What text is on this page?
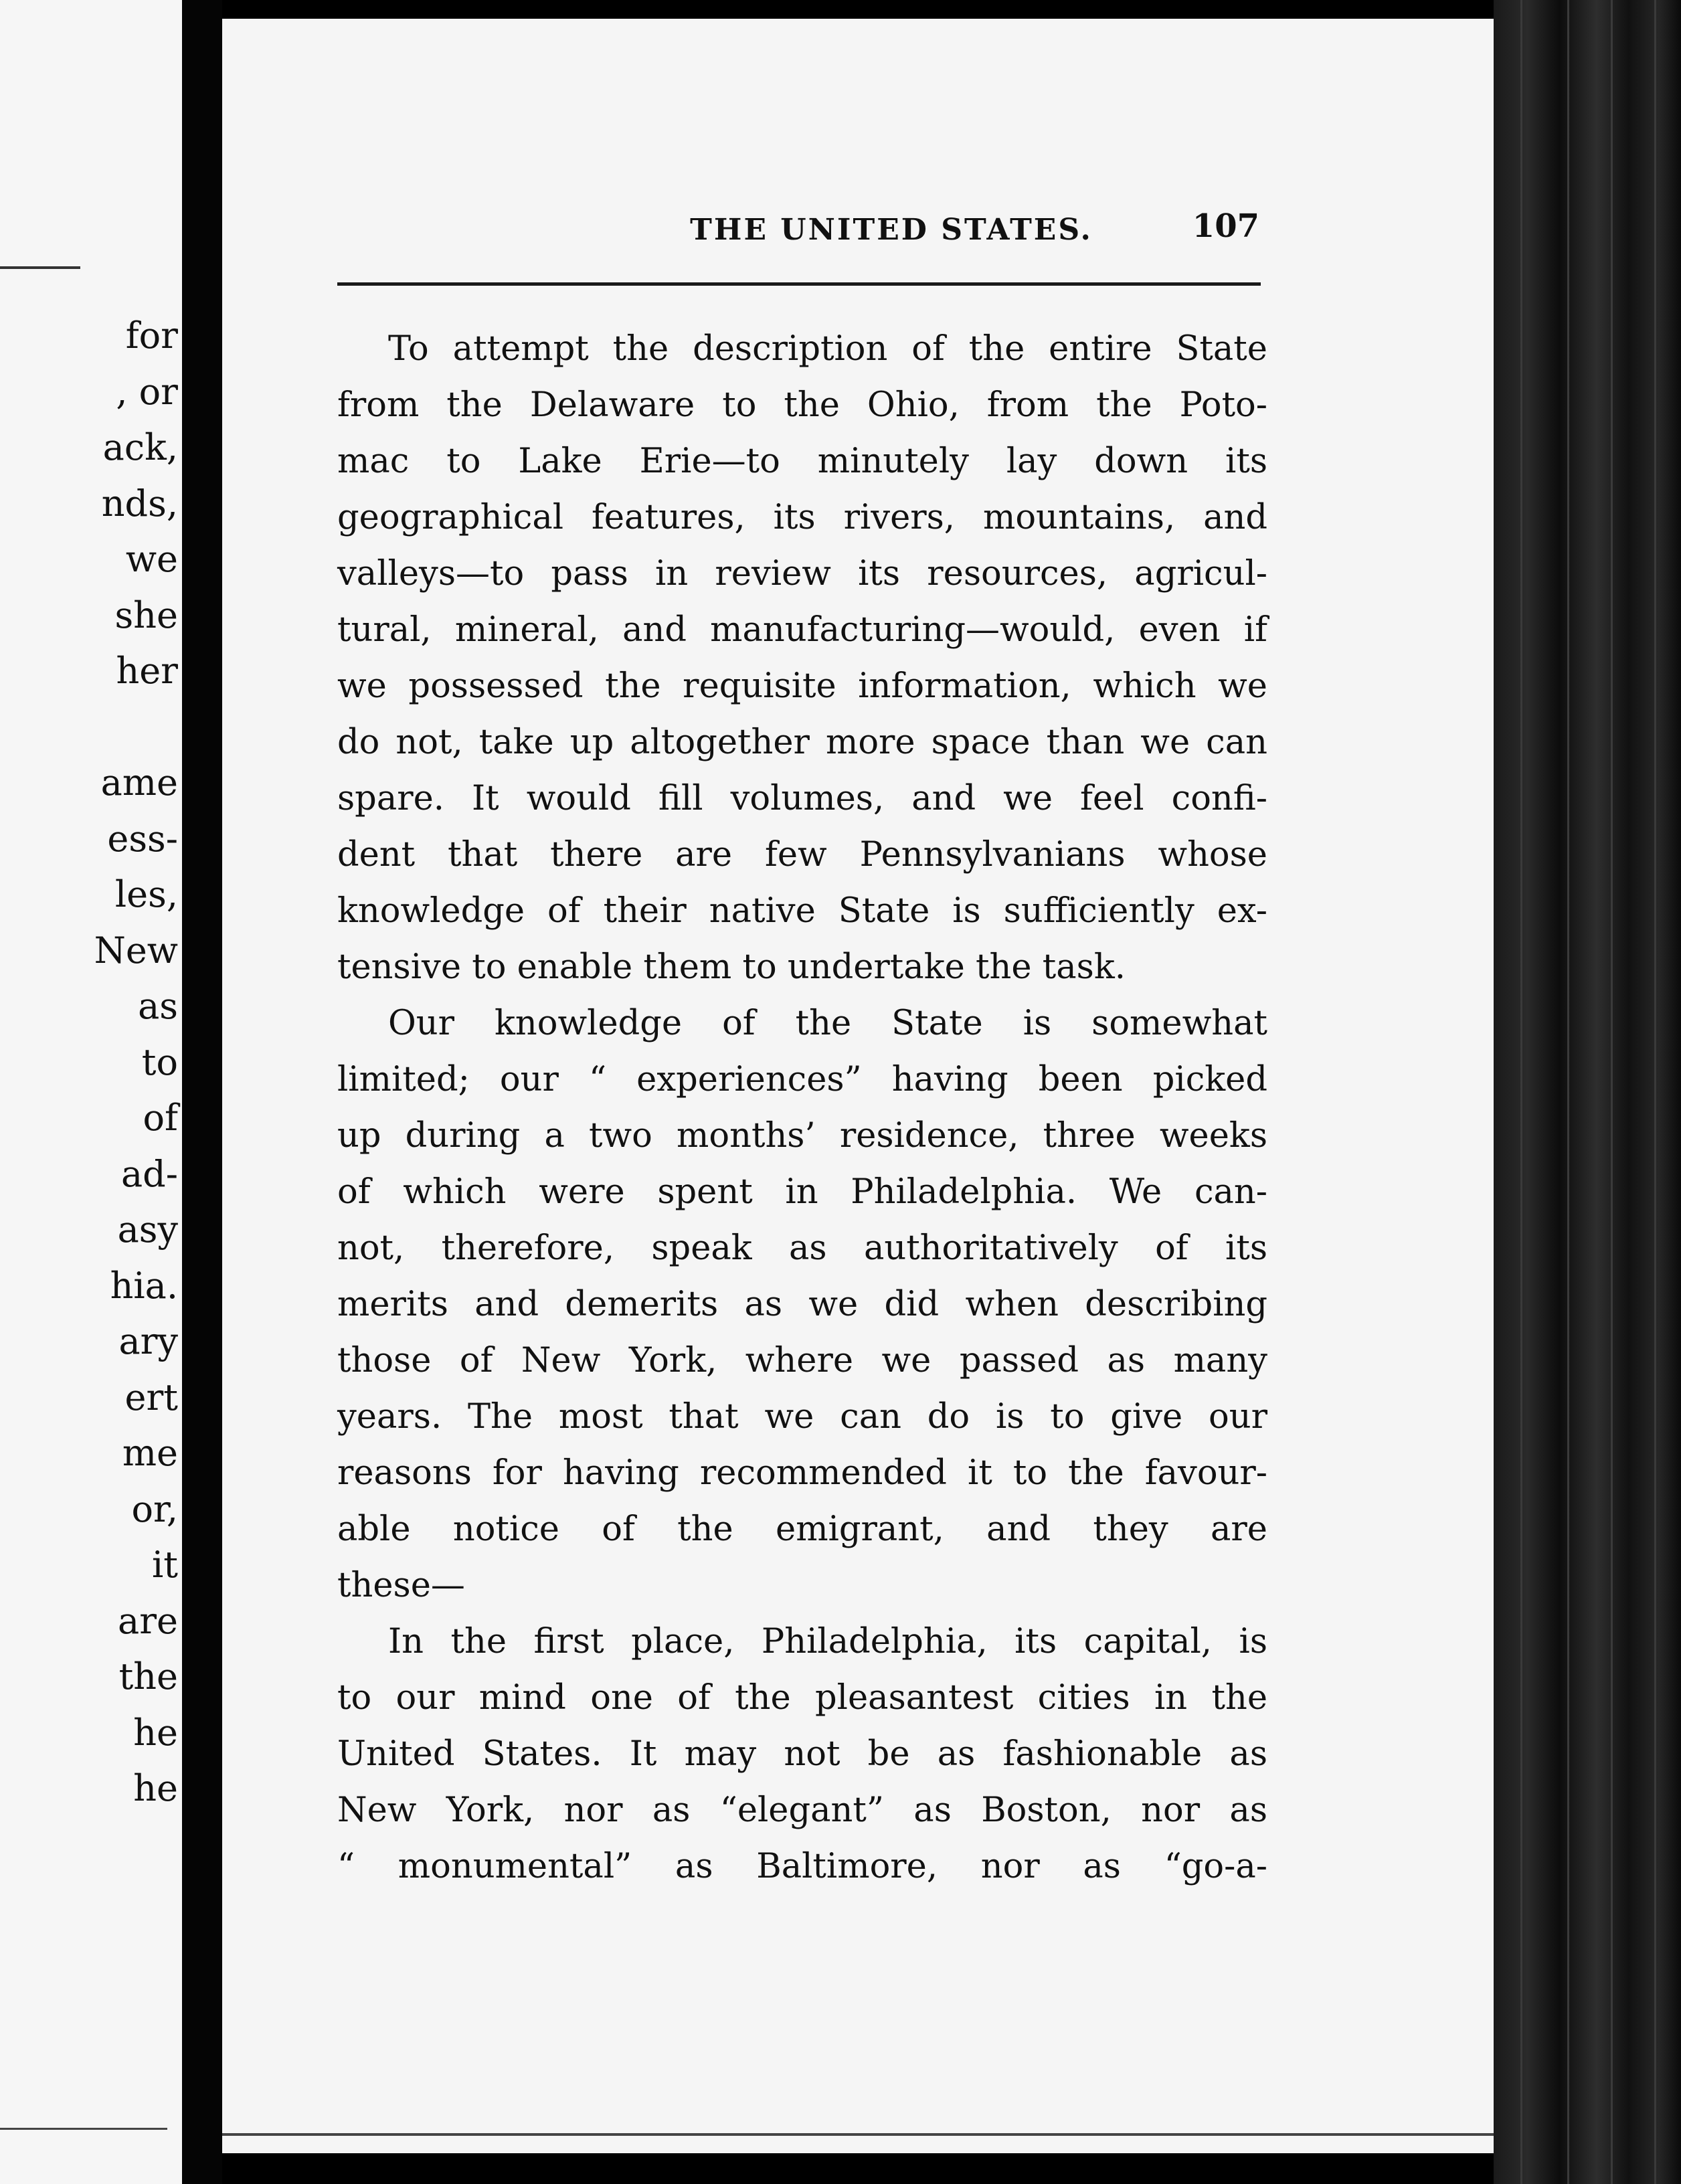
for
, or
ack,
nds,
we
she
her
ame
ess-
les,
New
as
to
of
ad-
asy
hia.
ary
ert
me
or,
it
are
the
he
he
THE UNITED STATES.	107
To attempt the description of the entire State
from the Delaware to the Ohio, from the Poto-
mac to Lake Erie—to minutely lay down its
geographical features, its rivers, mountains, and
valleys—to pass in review its resources, agricul-
tural, mineral, and manufacturing—would, even if
we possessed the requisite information, which we
do not, take up altogether more space than we can
spare. It would fill volumes, and we feel confi-
dent that there are few Pennsylvanians whose
knowledge of their native State is sufficiently ex-
tensive to enable them to undertake the task.
Our knowledge of the State is somewhat
limited; our “ experiences” having been picked
up during a two months’ residence, three weeks
of which were spent in Philadelphia. We can-
not, therefore, speak as authoritatively of its
merits and demerits as we did when describing
those of New York, where we passed as many
years. The most that we can do is to give our
reasons for having recommended it to the favour-
able notice of the emigrant, and they are
these—
In the first place, Philadelphia, its capital, is
to our mind one of the pleasantest cities in the
United States. It may not be as fashionable as
New York, nor as “elegant” as Boston, nor as
“ monumental” as Baltimore, nor as “go-a-
